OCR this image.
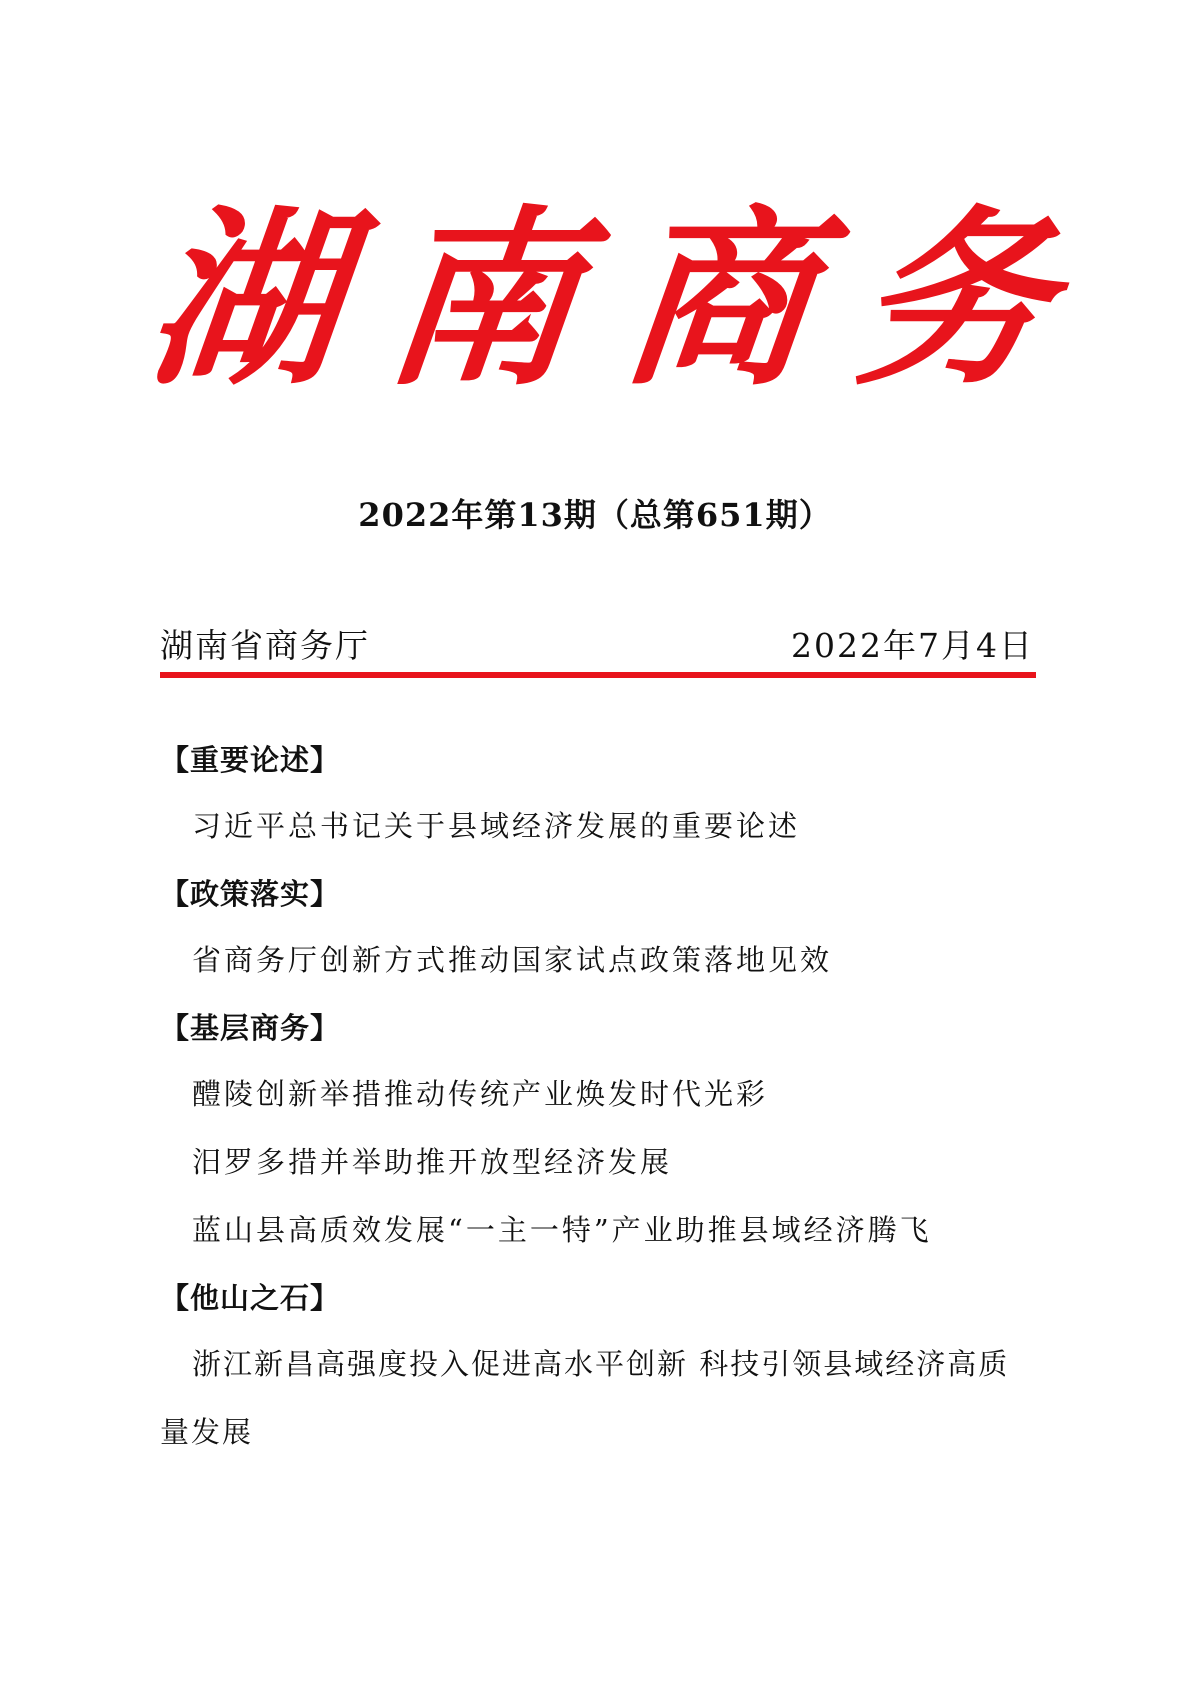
湖 南 商 务
2022年第13期（总第651期）
湖南省商务厅	2022年7月4日
【重要论述】
习近平总书记关于县域经济发展的重要论述
【政策落实】
省商务厅创新方式推动国家试点政策落地见效
【基层商务】
醴陵创新举措推动传统产业焕发时代光彩
汨罗多措并举助推开放型经济发展
蓝山县高质效发展“一主一特”产业助推县域经济腾飞
【他山之石】
浙江新昌高强度投入促进高水平创新 科技引领县域经济高质量发展
